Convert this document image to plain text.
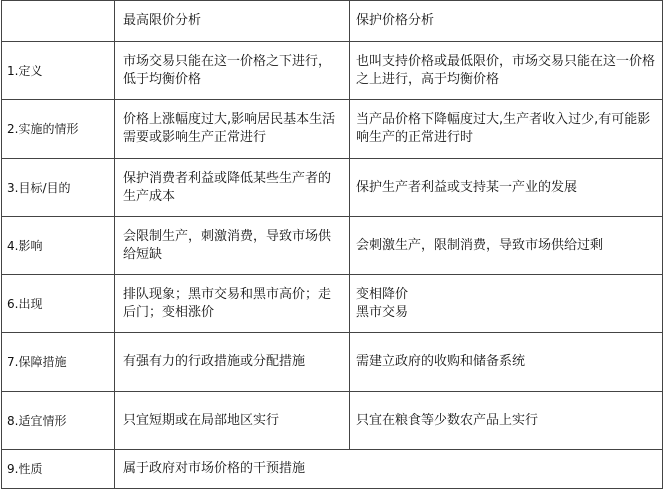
	最高限价分析	保护价格分析
1.定义	市场交易只能在这一价格之下进行，低于均衡价格	也叫支持价格或最低限价，市场交易只能在这一价格之上进行，高于均衡价格
2.实施的情形	价格上涨幅度过大,影响居民基本生活需要或影响生产正常进行	当产品价格下降幅度过大,生产者收入过少,有可能影响生产的正常进行时
3.目标/目的	保护消费者利益或降低某些生产者的生产成本	保护生产者利益或支持某一产业的发展
4.影响	会限制生产，刺激消费，导致市场供给短缺	会刺激生产，限制消费，导致市场供给过剩
6.出现	排队现象；黑市交易和黑市高价；走后门；变相涨价	变相降价
黑市交易

7.保障措施	有强有力的行政措施或分配措施	需建立政府的收购和储备系统
8.适宜情形	只宜短期或在局部地区实行	只宜在粮食等少数农产品上实行
9.性质	属于政府对市场价格的干预措施	
